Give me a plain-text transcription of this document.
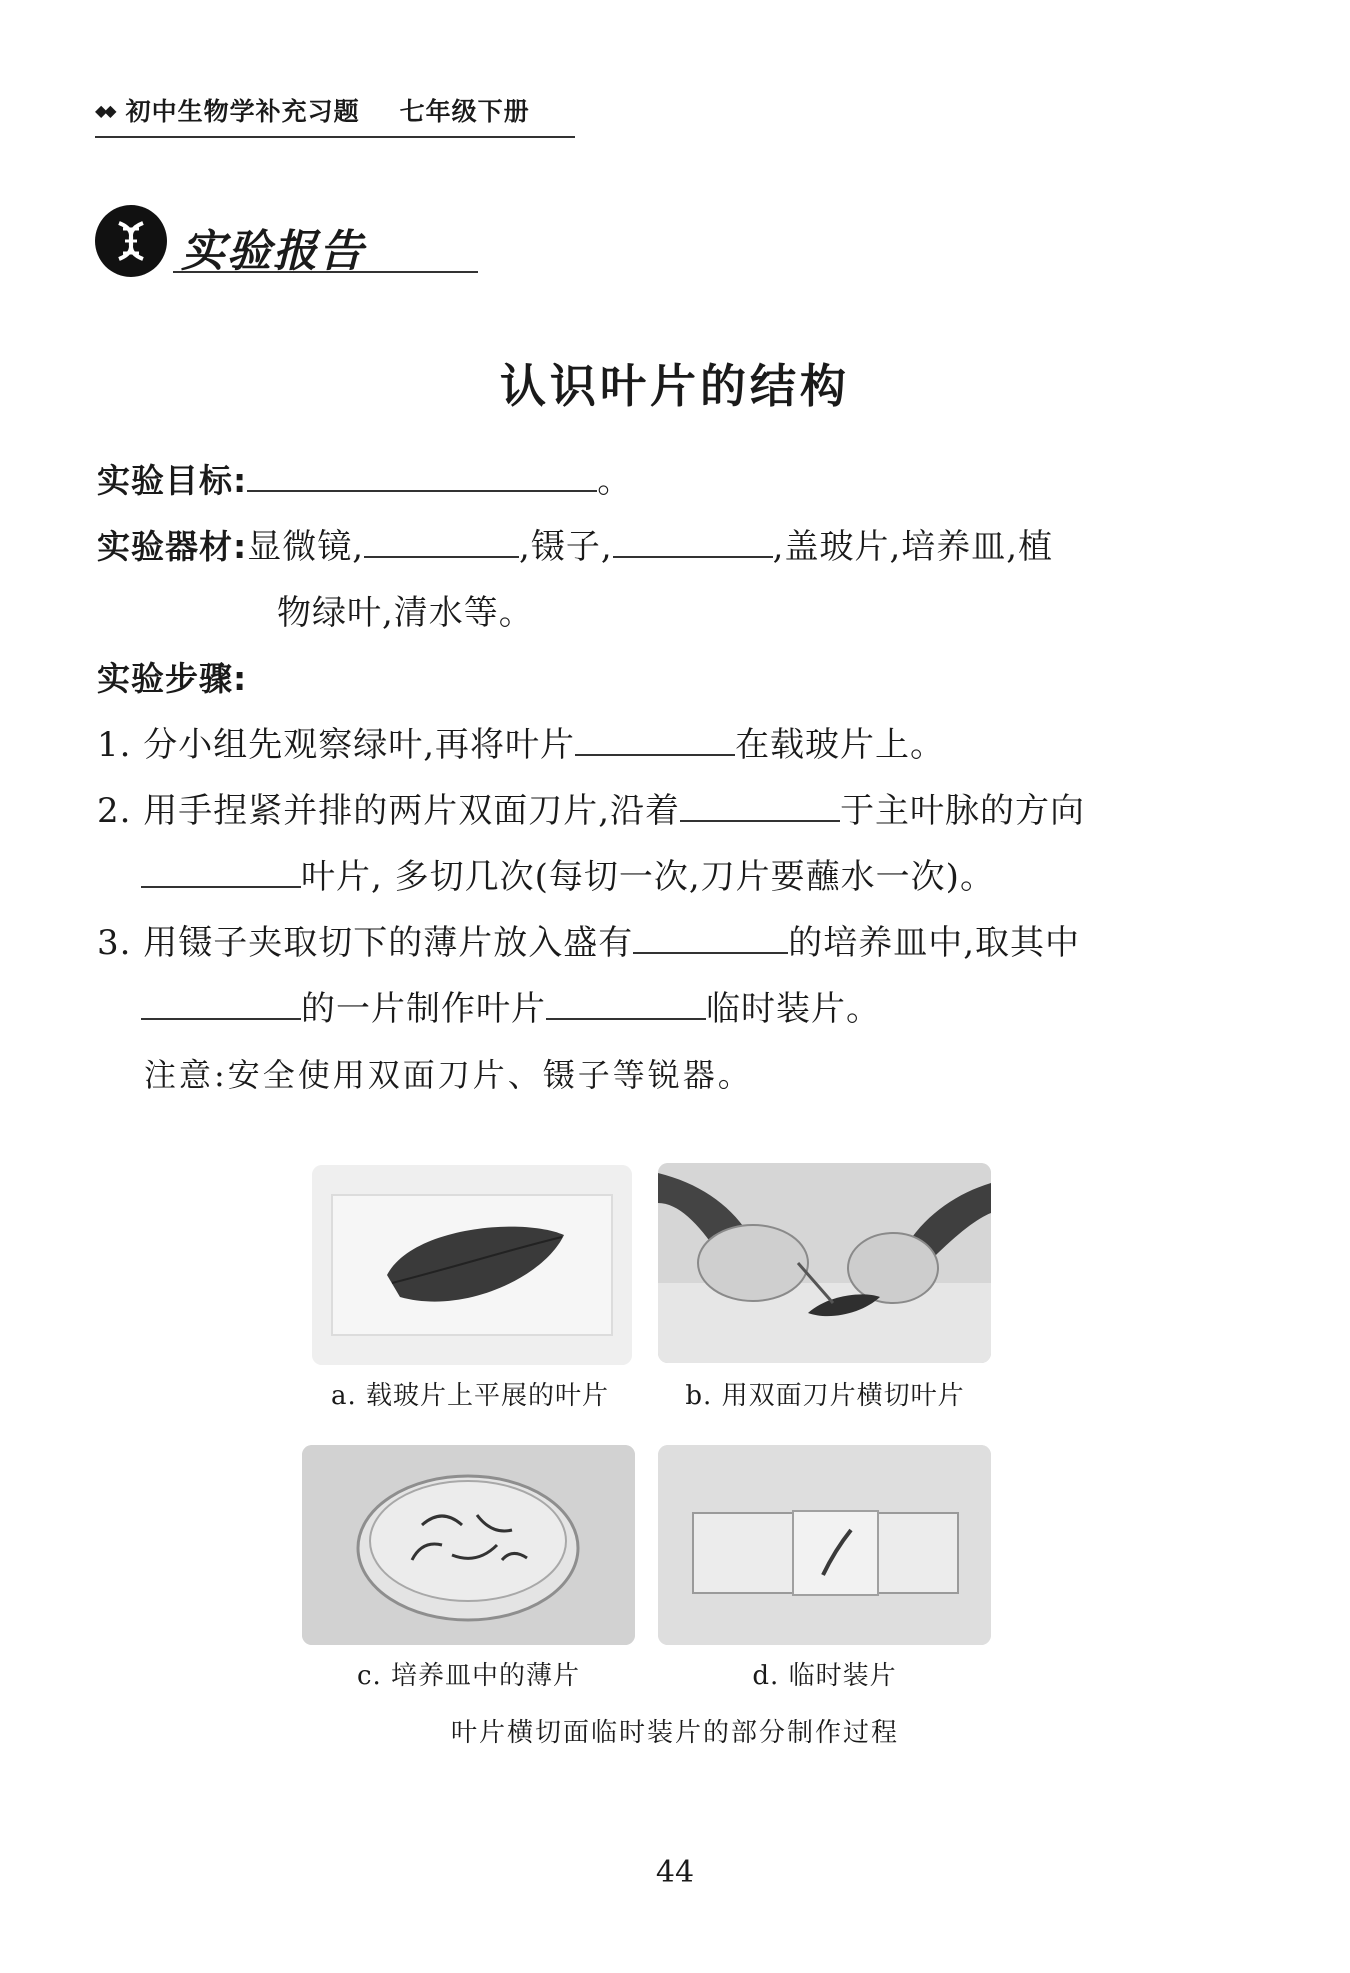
◆◆ 初中生物学补充习题 七年级下册
实验报告
认识叶片的结构
实验目标:	。
实验器材:显微镜,	,镊子,	,盖玻片,培养皿,植
物绿叶,清水等。
实验步骤:
1. 分小组先观察绿叶,再将叶片	在载玻片上。
2. 用手捏紧并排的两片双面刀片,沿着	于主叶脉的方向
叶片, 多切几次(每切一次,刀片要蘸水一次)。
3. 用镊子夹取切下的薄片放入盛有	的培养皿中,取其中
的一片制作叶片	临时装片。
注意:安全使用双面刀片、镊子等锐器。
a. 载玻片上平展的叶片	b. 用双面刀片横切叶片
c. 培养皿中的薄片	d. 临时装片
叶片横切面临时装片的部分制作过程
44
